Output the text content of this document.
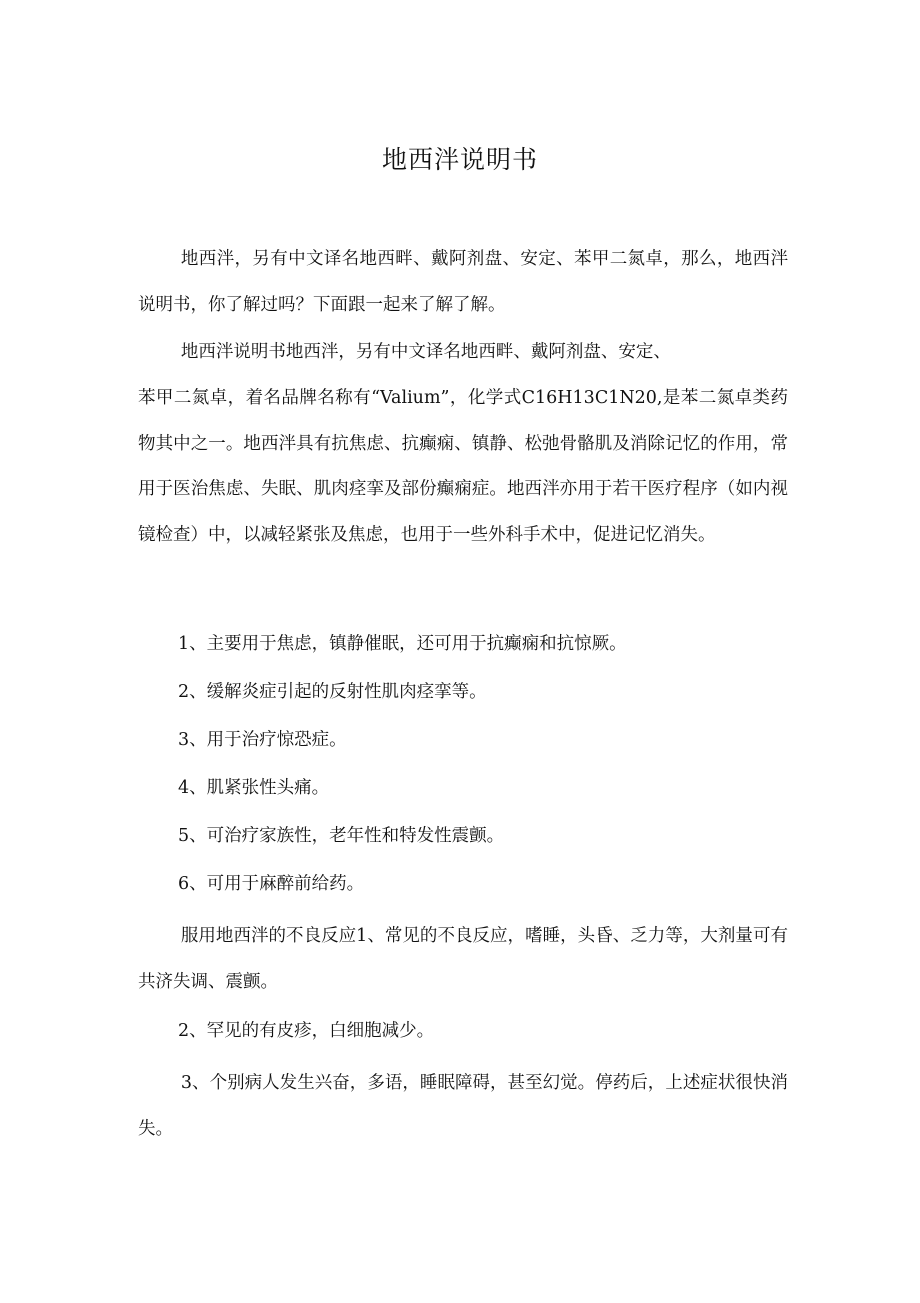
地西泮说明书

地西泮，另有中文译名地西畔、戴阿剂盘、安定、苯甲二氮卓，那么，地西泮说明书，你了解过吗？下面跟一起来了解了解。

地西泮说明书地西泮，另有中文译名地西畔、戴阿剂盘、安定、

苯甲二氮卓，着名品牌名称有“Valium”，化学式C16H13C1N20,是苯二氮卓类药物其中之一。地西泮具有抗焦虑、抗癫痫、镇静、松弛骨骼肌及消除记忆的作用，常用于医治焦虑、失眠、肌肉痉挛及部份癫痫症。地西泮亦用于若干医疗程序（如内视镜检查）中，以减轻紧张及焦虑，也用于一些外科手术中，促进记忆消失。

1、主要用于焦虑，镇静催眠，还可用于抗癫痫和抗惊厥。

2、缓解炎症引起的反射性肌肉痉挛等。

3、用于治疗惊恐症。

4、肌紧张性头痛。

5、可治疗家族性，老年性和特发性震颤。

6、可用于麻醉前给药。

服用地西泮的不良反应1、常见的不良反应，嗜睡，头昏、乏力等，大剂量可有共济失调、震颤。

2、罕见的有皮疹，白细胞减少。

3、个别病人发生兴奋，多语，睡眠障碍，甚至幻觉。停药后，上述症状很快消失。
